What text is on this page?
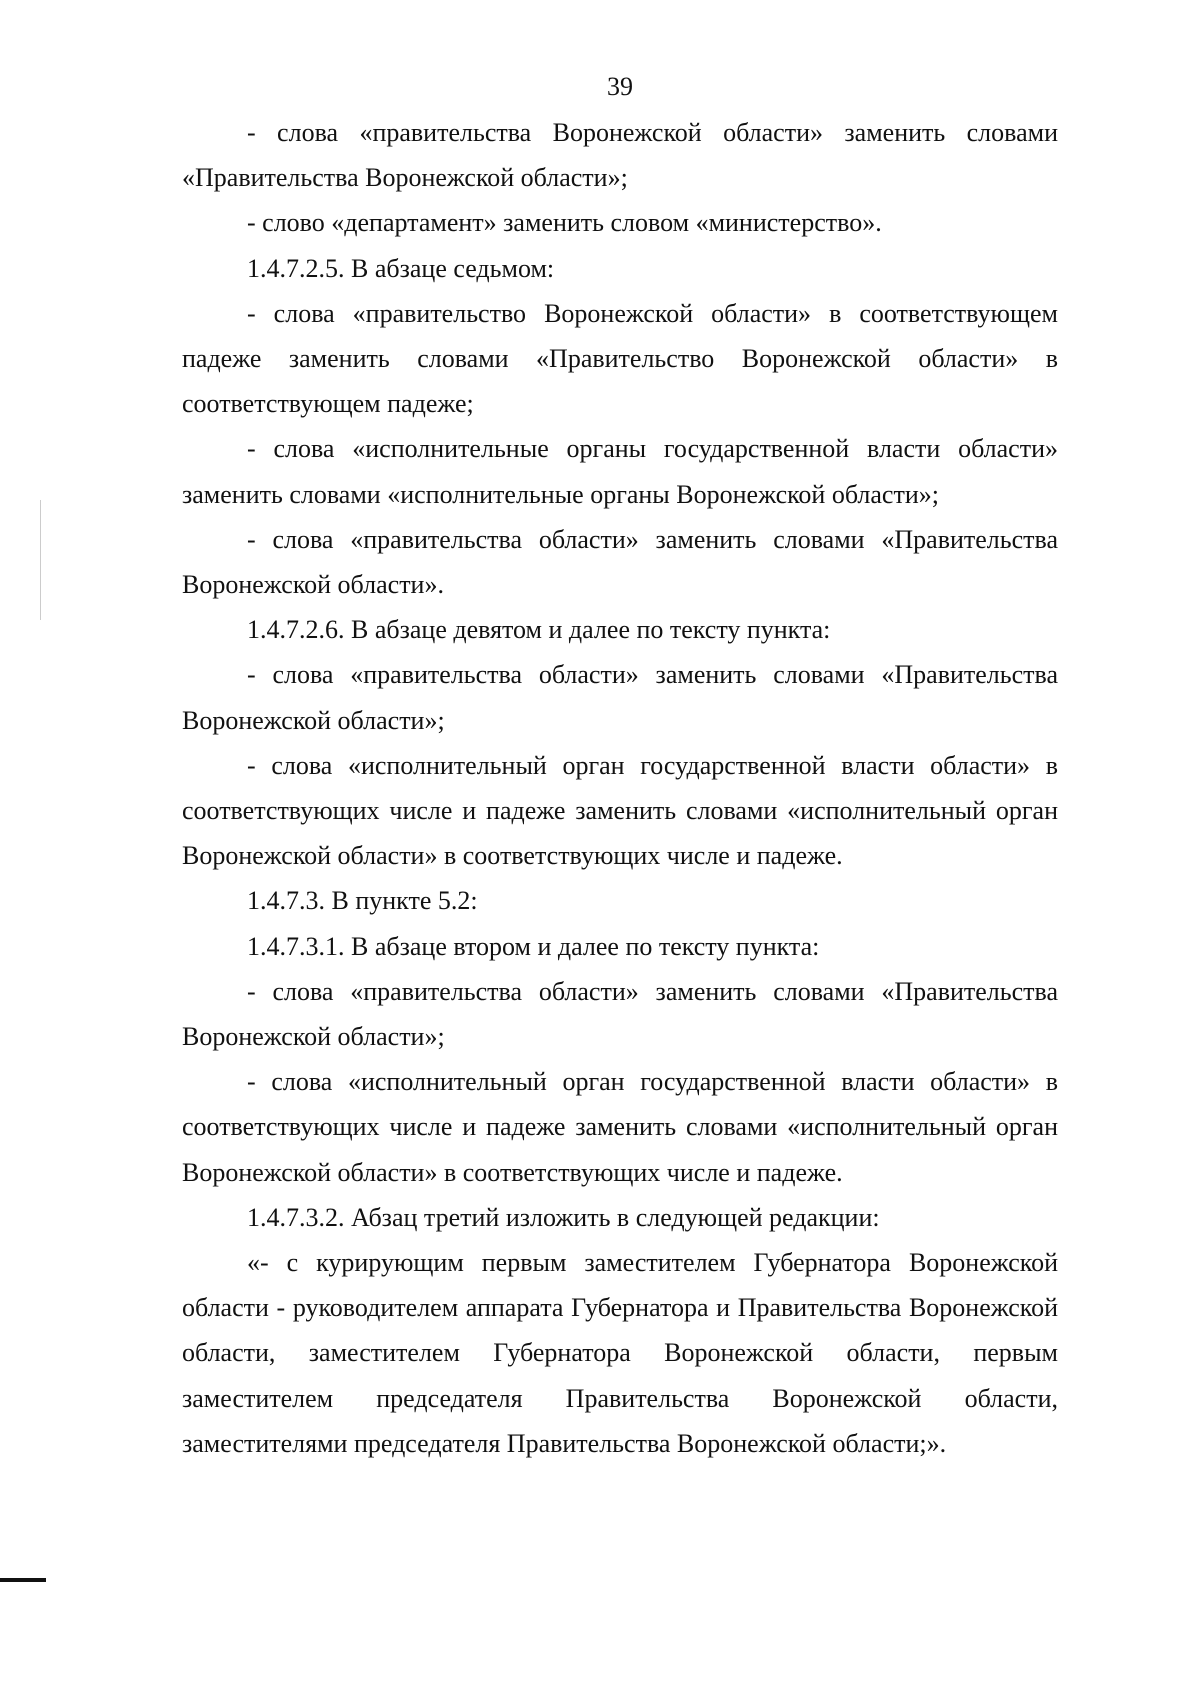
39

- слова «правительства Воронежской области» заменить словами «Правительства Воронежской области»;

- слово «департамент» заменить словом «министерство».

1.4.7.2.5. В абзаце седьмом:

- слова «правительство Воронежской области» в соответствующем падеже заменить словами «Правительство Воронежской области» в соответствующем падеже;

- слова «исполнительные органы государственной власти области» заменить словами «исполнительные органы Воронежской области»;

- слова «правительства области» заменить словами «Правительства Воронежской области».

1.4.7.2.6. В абзаце девятом и далее по тексту пункта:

- слова «правительства области» заменить словами «Правительства Воронежской области»;

- слова «исполнительный орган государственной власти области» в соответствующих числе и падеже заменить словами «исполнительный орган Воронежской области» в соответствующих числе и падеже.

1.4.7.3. В пункте 5.2:

1.4.7.3.1. В абзаце втором и далее по тексту пункта:

- слова «правительства области» заменить словами «Правительства Воронежской области»;

- слова «исполнительный орган государственной власти области» в соответствующих числе и падеже заменить словами «исполнительный орган Воронежской области» в соответствующих числе и падеже.

1.4.7.3.2. Абзац третий изложить в следующей редакции:

«- с курирующим первым заместителем Губернатора Воронежской области - руководителем аппарата Губернатора и Правительства Воронежской области, заместителем Губернатора Воронежской области, первым заместителем председателя Правительства Воронежской области, заместителями председателя Правительства Воронежской области;».
